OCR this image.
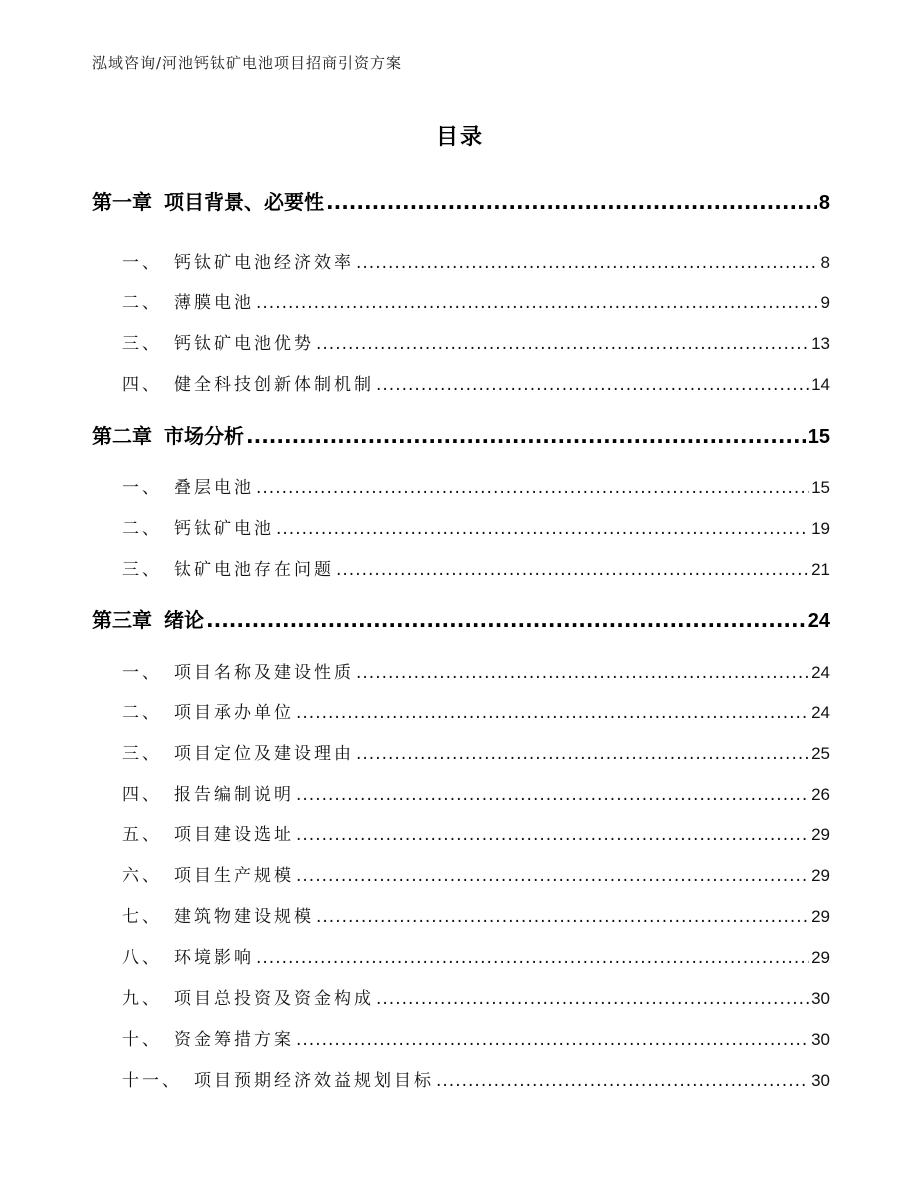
泓域咨询/河池钙钛矿电池项目招商引资方案
目录
第一章 项目背景、必要性 .....	8
一、 钙钛矿电池经济效率 .....	8
二、 薄膜电池 .....	9
三、 钙钛矿电池优势 .....	13
四、 健全科技创新体制机制 .....	14
第二章 市场分析 .....	15
一、 叠层电池 .....	15
二、 钙钛矿电池 .....	19
三、 钛矿电池存在问题 .....	21
第三章 绪论 .....	24
一、 项目名称及建设性质 .....	24
二、 项目承办单位 .....	24
三、 项目定位及建设理由 .....	25
四、 报告编制说明 .....	26
五、 项目建设选址 .....	29
六、 项目生产规模 .....	29
七、 建筑物建设规模 .....	29
八、 环境影响 .....	29
九、 项目总投资及资金构成 .....	30
十、 资金筹措方案 .....	30
十一、 项目预期经济效益规划目标 .....	30
